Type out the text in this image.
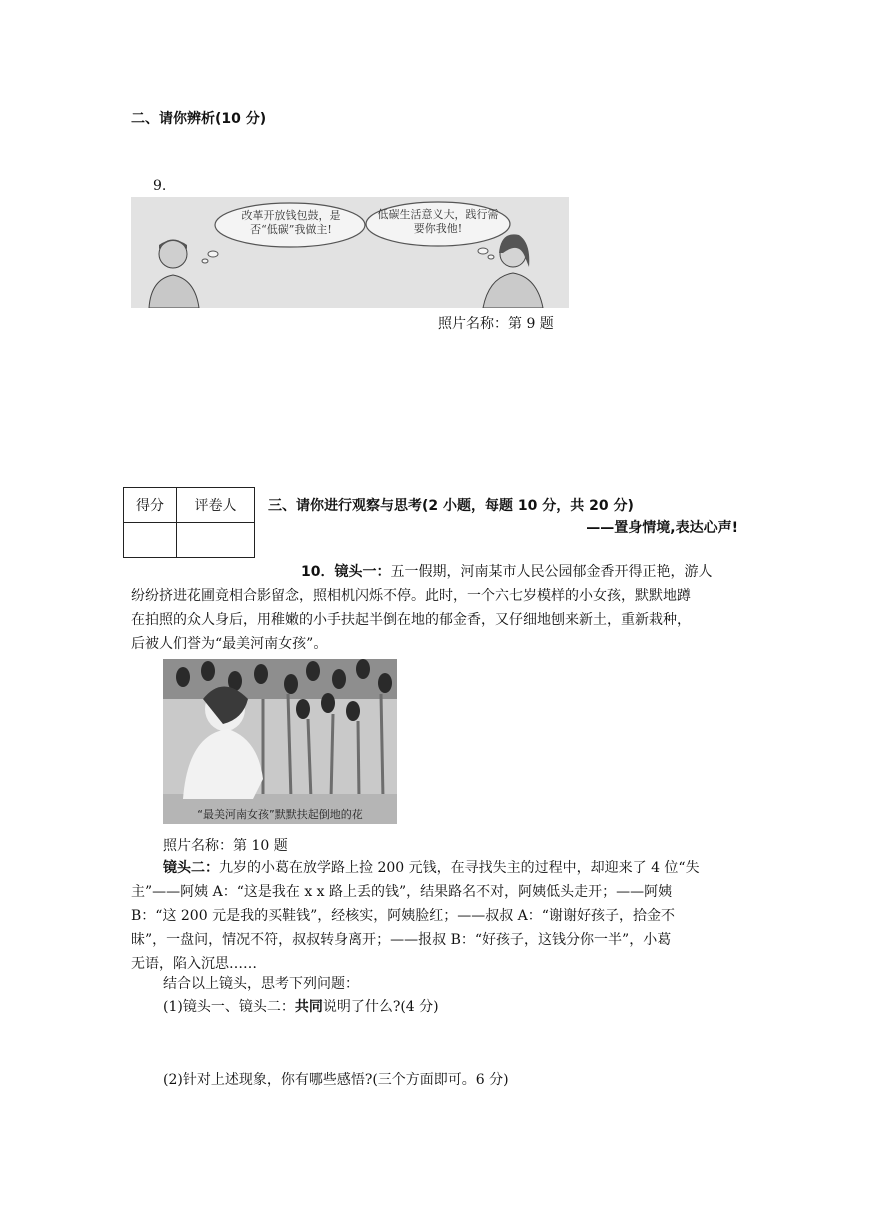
二、请你辨析(10 分)
9.
改革开放钱包鼓，是否“低碳”我做主!
低碳生活意义大，践行需要你我他!
照片名称：第 9 题
得分	评卷人
	三、请你进行观察与思考(2 小题，每题 10 分，共 20 分)
——置身情境,表达心声!
10．镜头一：五一假期，河南某市人民公园郁金香开得正艳，游人
纷纷挤进花圃竟相合影留念，照相机闪烁不停。此时，一个六七岁模样的小女孩，默默地蹲
在拍照的众人身后，用稚嫩的小手扶起半倒在地的郁金香，又仔细地刨来新土，重新栽种，
后被人们誉为“最美河南女孩”。
“最美河南女孩”默默扶起倒地的花
照片名称：第 10 题
镜头二：九岁的小葛在放学路上捡 200 元钱，在寻找失主的过程中，却迎来了 4 位“失
主”——阿姨 A：“这是我在 x x 路上丢的钱”，结果路名不对，阿姨低头走开；——阿姨
B：“这 200 元是我的买鞋钱”，经核实，阿姨脸红；——叔叔 A：“谢谢好孩子，拾金不
昧”，一盘问，情况不符，叔叔转身离开；——报叔 B：“好孩子，这钱分你一半”，小葛
无语，陷入沉思……
结合以上镜头，思考下列问题：
(1)镜头一、镜头二：共同说明了什么?(4 分)
(2)针对上述现象，你有哪些感悟?(三个方面即可。6 分)
